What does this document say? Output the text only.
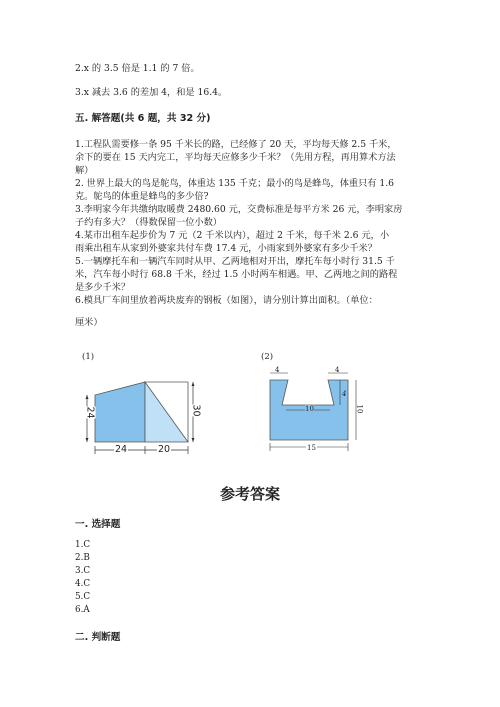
2.x 的 3.5 倍是 1.1 的 7 倍。
3.x 减去 3.6 的差加 4，和是 16.4。
五. 解答题(共 6 题，共 32 分)
1.工程队需要修一条 95 千米长的路，已经修了 20 天，平均每天修 2.5 千米，
余下的要在 15 天内完工，平均每天应修多少千米？（先用方程，再用算术方法
解）
2. 世界上最大的鸟是鸵鸟，体重达 135 千克；最小的鸟是蜂鸟，体重只有 1.6
克。鸵鸟的体重是蜂鸟的多少倍?
3.李明家今年共缴纳取暖费 2480.60 元，交费标准是每平方米 26 元，李明家房
子约有多大？（得数保留一位小数）
4.某市出租车起步价为 7 元（2 千米以内），超过 2 千米，每千米 2.6 元，小
雨乘出租车从家到外婆家共付车费 17.4 元，小雨家到外婆家有多少千米？
5.一辆摩托车和一辆汽车同时从甲、乙两地相对开出，摩托车每小时行 31.5 千
米，汽车每小时行 68.8 千米，经过 1.5 小时两车相遇。甲、乙两地之间的路程
是多少千米？
6.模具厂车间里放着两块废弃的钢板（如图），请分别计算出面积。（单位：
厘米）
(1)
24	30
24	20
(2)
4	4
4
10	10
15
参考答案
一. 选择题
1.C
2.B
3.C
4.C
5.C
6.A
二. 判断题
